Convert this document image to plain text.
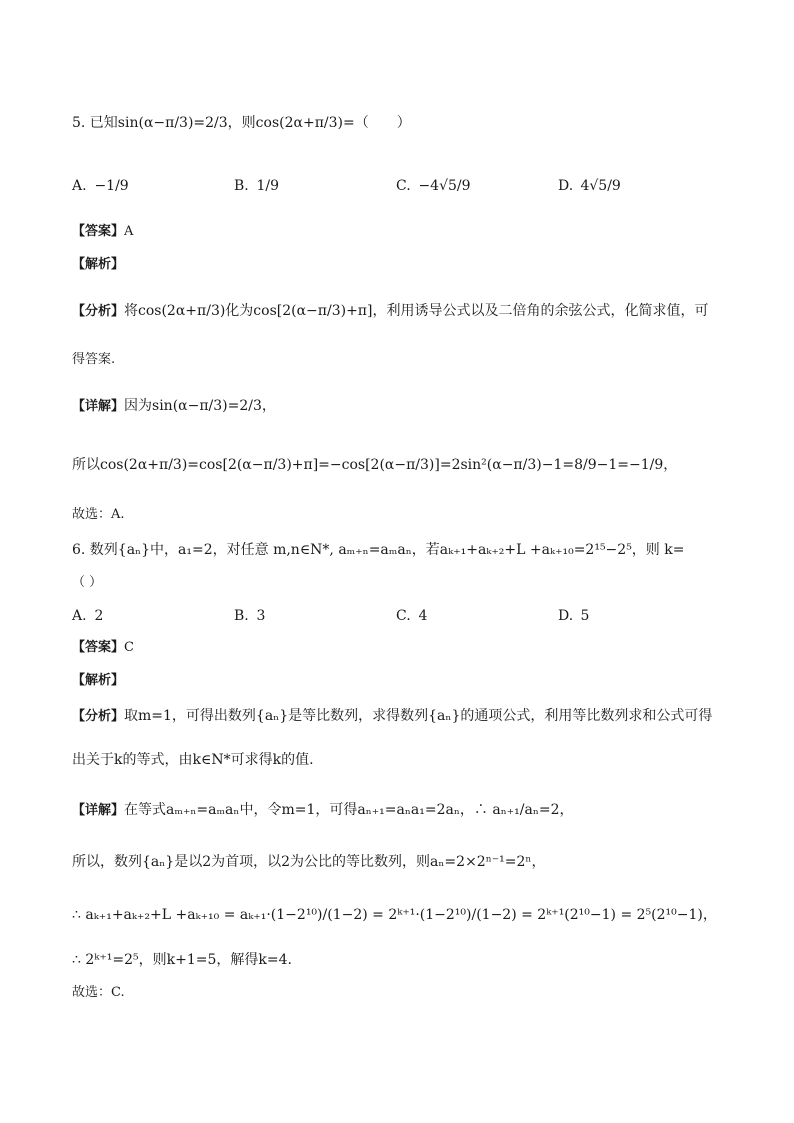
5. 已知sin(α−π/3)=2/3，则cos(2α+π/3)=（　　）
A. −1/9	B. 1/9	C. −4√5/9	D. 4√5/9
【答案】A
【解析】
【分析】将cos(2α+π/3)化为cos[2(α−π/3)+π]，利用诱导公式以及二倍角的余弦公式，化简求值，可
得答案.
【详解】因为sin(α−π/3)=2/3，
所以cos(2α+π/3)=cos[2(α−π/3)+π]=−cos[2(α−π/3)]=2sin²(α−π/3)−1=8/9−1=−1/9，
故选：A.
6. 数列{aₙ}中，a₁=2，对任意 m,n∈N*, aₘ₊ₙ=aₘaₙ，若aₖ₊₁+aₖ₊₂+L +aₖ₊₁₀=2¹⁵−2⁵，则 k=
（ ）
A. 2	B. 3	C. 4	D. 5
【答案】C
【解析】
【分析】取m=1，可得出数列{aₙ}是等比数列，求得数列{aₙ}的通项公式，利用等比数列求和公式可得
出关于k的等式，由k∈N*可求得k的值.
【详解】在等式aₘ₊ₙ=aₘaₙ中，令m=1，可得aₙ₊₁=aₙa₁=2aₙ，∴ aₙ₊₁/aₙ=2，
所以，数列{aₙ}是以2为首项，以2为公比的等比数列，则aₙ=2×2ⁿ⁻¹=2ⁿ，
∴ aₖ₊₁+aₖ₊₂+L +aₖ₊₁₀ = aₖ₊₁·(1−2¹⁰)/(1−2) = 2ᵏ⁺¹·(1−2¹⁰)/(1−2) = 2ᵏ⁺¹(2¹⁰−1) = 2⁵(2¹⁰−1)，
∴ 2ᵏ⁺¹=2⁵，则k+1=5，解得k=4.
故选：C.
